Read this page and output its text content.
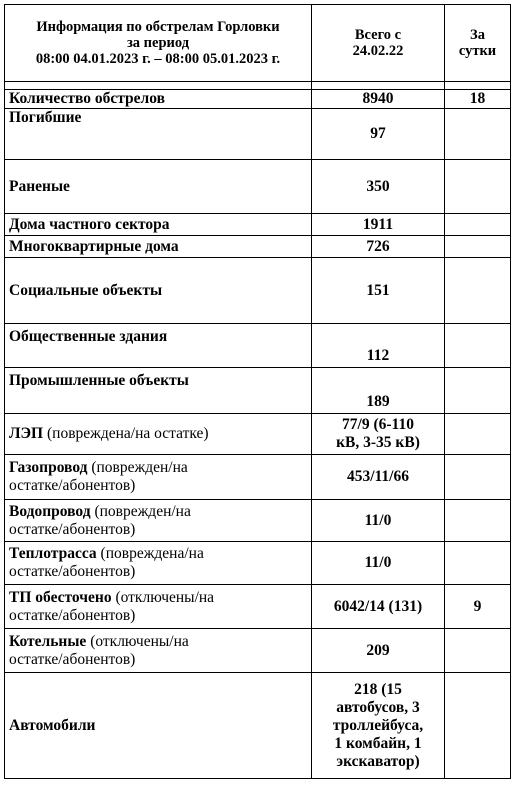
Информация по обстрелам Горловки
за период
08:00 04.01.2023 г. – 08:00 05.01.2023 г.	Всего с
24.02.22	За
сутки

Количество обстрелов	8940	18
Погибшие	97	
Раненые	350	
Дома частного сектора	1911	
Многоквартирные дома	726	
Социальные объекты	151	
Общественные здания	112	
Промышленные объекты	189	
ЛЭП (повреждена/на остатке)	77/9 (6-110
кВ, 3-35 кВ)	

Газопровод (поврежден/на
остатке/абонентов)	453/11/66	
Водопровод (поврежден/на
остатке/абонентов)	11/0	
Теплотрасса (повреждена/на
остатке/абонентов)	11/0	
ТП обесточено (отключены/на
остатке/абонентов)	6042/14 (131)	9
Котельные (отключены/на
остатке/абонентов)	209	
Автомобили	218 (15
автобусов, 3
троллейбуса,
1 комбайн, 1
экскаватор)	
